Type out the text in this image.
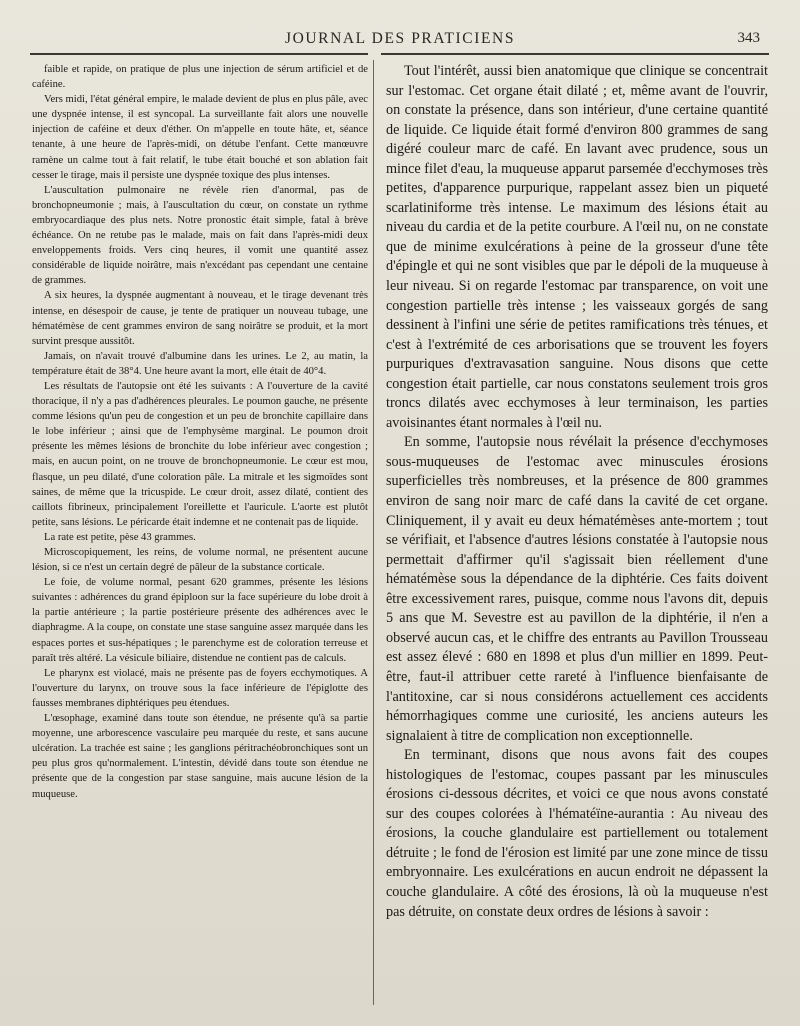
JOURNAL DES PRATICIENS	343

faible et rapide, on pratique de plus une injection de sérum artificiel et de caféine.

Vers midi, l'état général empire, le malade devient de plus en plus pâle, avec une dyspnée intense, il est syncopal. La surveillante fait alors une nouvelle injection de caféine et deux d'éther. On m'appelle en toute hâte, et, séance tenante, à une heure de l'après-midi, on détube l'enfant. Cette manœuvre ramène un calme tout à fait relatif, le tube était bouché et son ablation fait cesser le tirage, mais il persiste une dyspnée toxique des plus intenses.

L'auscultation pulmonaire ne révèle rien d'anormal, pas de bronchopneumonie ; mais, à l'auscultation du cœur, on constate un rythme embryocardiaque des plus nets. Notre pronostic était simple, fatal à brève échéance. On ne retube pas le malade, mais on fait dans l'après-midi deux enveloppements froids. Vers cinq heures, il vomit une quantité assez considérable de liquide noirâtre, mais n'excédant pas cependant une centaine de grammes.

A six heures, la dyspnée augmentant à nouveau, et le tirage devenant très intense, en désespoir de cause, je tente de pratiquer un nouveau tubage, une hématémèse de cent grammes environ de sang noirâtre se produit, et la mort survint presque aussitôt.

Jamais, on n'avait trouvé d'albumine dans les urines. Le 2, au matin, la température était de 38°4. Une heure avant la mort, elle était de 40°4.

Les résultats de l'autopsie ont été les suivants : A l'ouverture de la cavité thoracique, il n'y a pas d'adhérences pleurales. Le poumon gauche, ne présente comme lésions qu'un peu de congestion et un peu de bronchite capillaire dans le lobe inférieur ; ainsi que de l'emphysème marginal. Le poumon droit présente les mêmes lésions de bronchite du lobe inférieur avec congestion ; mais, en aucun point, on ne trouve de bronchopneumonie. Le cœur est mou, flasque, un peu dilaté, d'une coloration pâle. La mitrale et les sigmoïdes sont saines, de même que la tricuspide. Le cœur droit, assez dilaté, contient des caillots fibrineux, principalement l'oreillette et l'auricule. L'aorte est plutôt petite, sans lésions. Le péricarde était indemne et ne contenait pas de liquide.

La rate est petite, pèse 43 grammes.

Microscopiquement, les reins, de volume normal, ne présentent aucune lésion, si ce n'est un certain degré de pâleur de la substance corticale.

Le foie, de volume normal, pesant 620 grammes, présente les lésions suivantes : adhérences du grand épiploon sur la face supérieure du lobe droit à la partie antérieure ; la partie postérieure présente des adhérences avec le diaphragme. A la coupe, on constate une stase sanguine assez marquée dans les espaces portes et sus-hépatiques ; le parenchyme est de coloration terreuse et paraît très altéré. La vésicule biliaire, distendue ne contient pas de calculs.

Le pharynx est violacé, mais ne présente pas de foyers ecchymotiques. A l'ouverture du larynx, on trouve sous la face inférieure de l'épiglotte des fausses membranes diphtériques peu étendues.

L'œsophage, examiné dans toute son étendue, ne présente qu'à sa partie moyenne, une arborescence vasculaire peu marquée du reste, et sans aucune ulcération. La trachée est saine ; les ganglions péritrachéobronchiques sont un peu plus gros qu'normalement. L'intestin, dévidé dans toute son étendue ne présente que de la congestion par stase sanguine, mais aucune lésion de la muqueuse.

Tout l'intérêt, aussi bien anatomique que clinique se concentrait sur l'estomac. Cet organe était dilaté ; et, même avant de l'ouvrir, on constate la présence, dans son intérieur, d'une certaine quantité de liquide. Ce liquide était formé d'environ 800 grammes de sang digéré couleur marc de café. En lavant avec prudence, sous un mince filet d'eau, la muqueuse apparut parsemée d'ecchymoses très petites, d'apparence purpurique, rappelant assez bien un piqueté scarlatiniforme très intense. Le maximum des lésions était au niveau du cardia et de la petite courbure. A l'œil nu, on ne constate que de minime exulcérations à peine de la grosseur d'une tête d'épingle et qui ne sont visibles que par le dépoli de la muqueuse à leur niveau. Si on regarde l'estomac par transparence, on voit une congestion partielle très intense ; les vaisseaux gorgés de sang dessinent à l'infini une série de petites ramifications très ténues, et c'est à l'extrémité de ces arborisations que se trouvent les foyers purpuriques d'extravasation sanguine. Nous disons que cette congestion était partielle, car nous constatons seulement trois gros troncs dilatés avec ecchymoses à leur terminaison, les parties avoisinantes étant normales à l'œil nu.

En somme, l'autopsie nous révélait la présence d'ecchymoses sous-muqueuses de l'estomac avec minuscules érosions superficielles très nombreuses, et la présence de 800 grammes environ de sang noir marc de café dans la cavité de cet organe. Cliniquement, il y avait eu deux hématémèses ante-mortem ; tout se vérifiait, et l'absence d'autres lésions constatée à l'autopsie nous permettait d'affirmer qu'il s'agissait bien réellement d'une hématémèse sous la dépendance de la diphtérie. Ces faits doivent être excessivement rares, puisque, comme nous l'avons dit, depuis 5 ans que M. Sevestre est au pavillon de la diphtérie, il n'en a observé aucun cas, et le chiffre des entrants au Pavillon Trousseau est assez élevé : 680 en 1898 et plus d'un millier en 1899. Peut-être, faut-il attribuer cette rareté à l'influence bienfaisante de l'antitoxine, car si nous considérons actuellement ces accidents hémorrhagiques comme une curiosité, les anciens auteurs les signalaient à titre de complication non exceptionnelle.

En terminant, disons que nous avons fait des coupes histologiques de l'estomac, coupes passant par les minuscules érosions ci-dessous décrites, et voici ce que nous avons constaté sur des coupes colorées à l'hématéïne-aurantia : Au niveau des érosions, la couche glandulaire est partiellement ou totalement détruite ; le fond de l'érosion est limité par une zone mince de tissu embryonnaire. Les exulcérations en aucun endroit ne dépassent la couche glandulaire. A côté des érosions, là où la muqueuse n'est pas détruite, on constate deux ordres de lésions à savoir :
